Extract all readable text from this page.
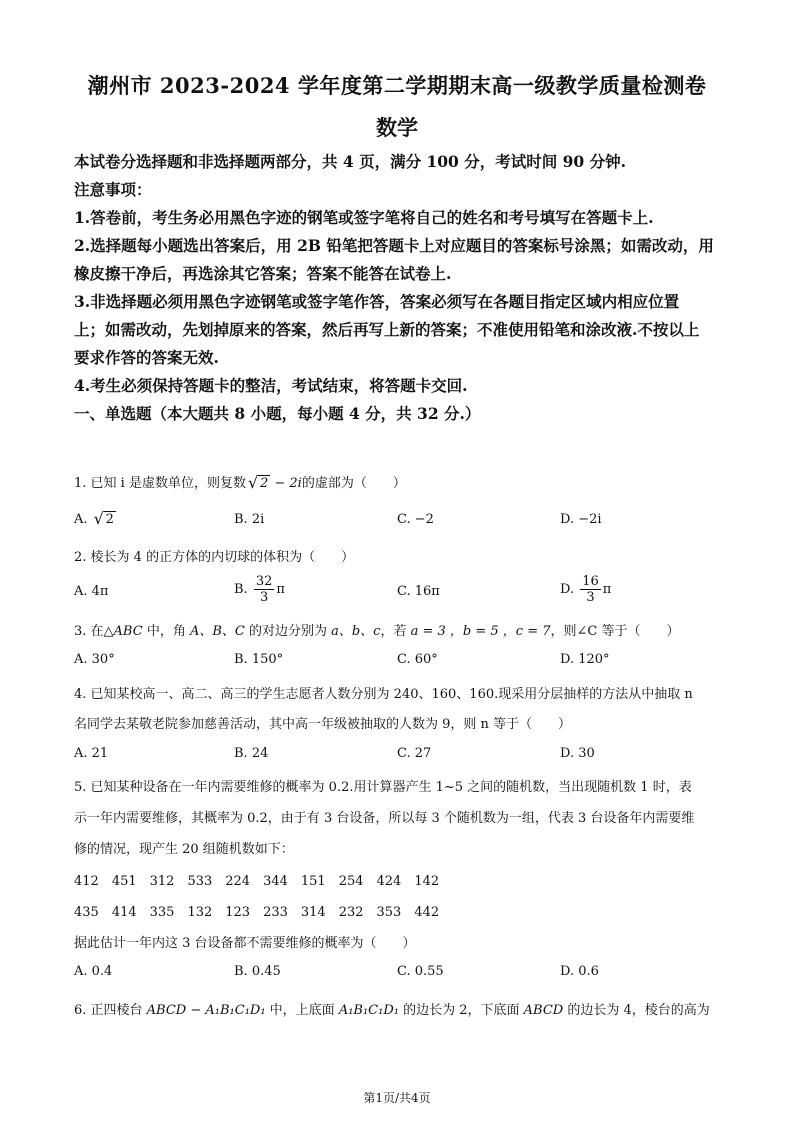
潮州市 2023-2024 学年度第二学期期末高一级教学质量检测卷
数学
本试卷分选择题和非选择题两部分，共 4 页，满分 100 分，考试时间 90 分钟.
注意事项：
1.答卷前，考生务必用黑色字迹的钢笔或签字笔将自己的姓名和考号填写在答题卡上.
2.选择题每小题选出答案后，用 2B 铅笔把答题卡上对应题目的答案标号涂黑；如需改动，用
橡皮擦干净后，再选涂其它答案；答案不能答在试卷上.
3.非选择题必须用黑色字迹钢笔或签字笔作答，答案必须写在各题目指定区域内相应位置
上；如需改动，先划掉原来的答案，然后再写上新的答案；不准使用铅笔和涂改液.不按以上
要求作答的答案无效.
4.考生必须保持答题卡的整洁，考试结束，将答题卡交回.
一、单选题（本大题共 8 小题，每小题 4 分，共 32 分.）
1. 已知 i 是虚数单位，则复数 √ 2 − 2i的虚部为（　　）
A. √ 2	B. 2i	C. −2	D. −2i
2. 棱长为 4 的正方体的内切球的体积为（　　）
A. 4π	B. $\frac{32}{3}$ π	C. 16π	D. $\frac{16}{3}$ π
3. 在△ABC 中，角 A、B、C 的对边分别为 a、b、c，若 a = 3 ，b = 5 ，c = 7，则∠C 等于（　　）
A. 30°	B. 150°	C. 60°	D. 120°
4. 已知某校高一、高二、高三的学生志愿者人数分别为 240、160、160.现采用分层抽样的方法从中抽取 n
名同学去某敬老院参加慈善活动，其中高一年级被抽取的人数为 9，则 n 等于（　　）
A. 21	B. 24	C. 27	D. 30
5. 已知某种设备在一年内需要维修的概率为 0.2.用计算器产生 1~5 之间的随机数，当出现随机数 1 时，表
示一年内需要维修，其概率为 0.2，由于有 3 台设备，所以每 3 个随机数为一组，代表 3 台设备年内需要维
修的情况，现产生 20 组随机数如下：
412　451　312　533　224　344　151　254　424　142
435　414　335　132　123　233　314　232　353　442
据此估计一年内这 3 台设备都不需要维修的概率为（　　）
A. 0.4	B. 0.45	C. 0.55	D. 0.6
6. 正四棱台 ABCD − A₁B₁C₁D₁ 中，上底面 A₁B₁C₁D₁ 的边长为 2，下底面 ABCD 的边长为 4，棱台的高为
第1页/共4页
